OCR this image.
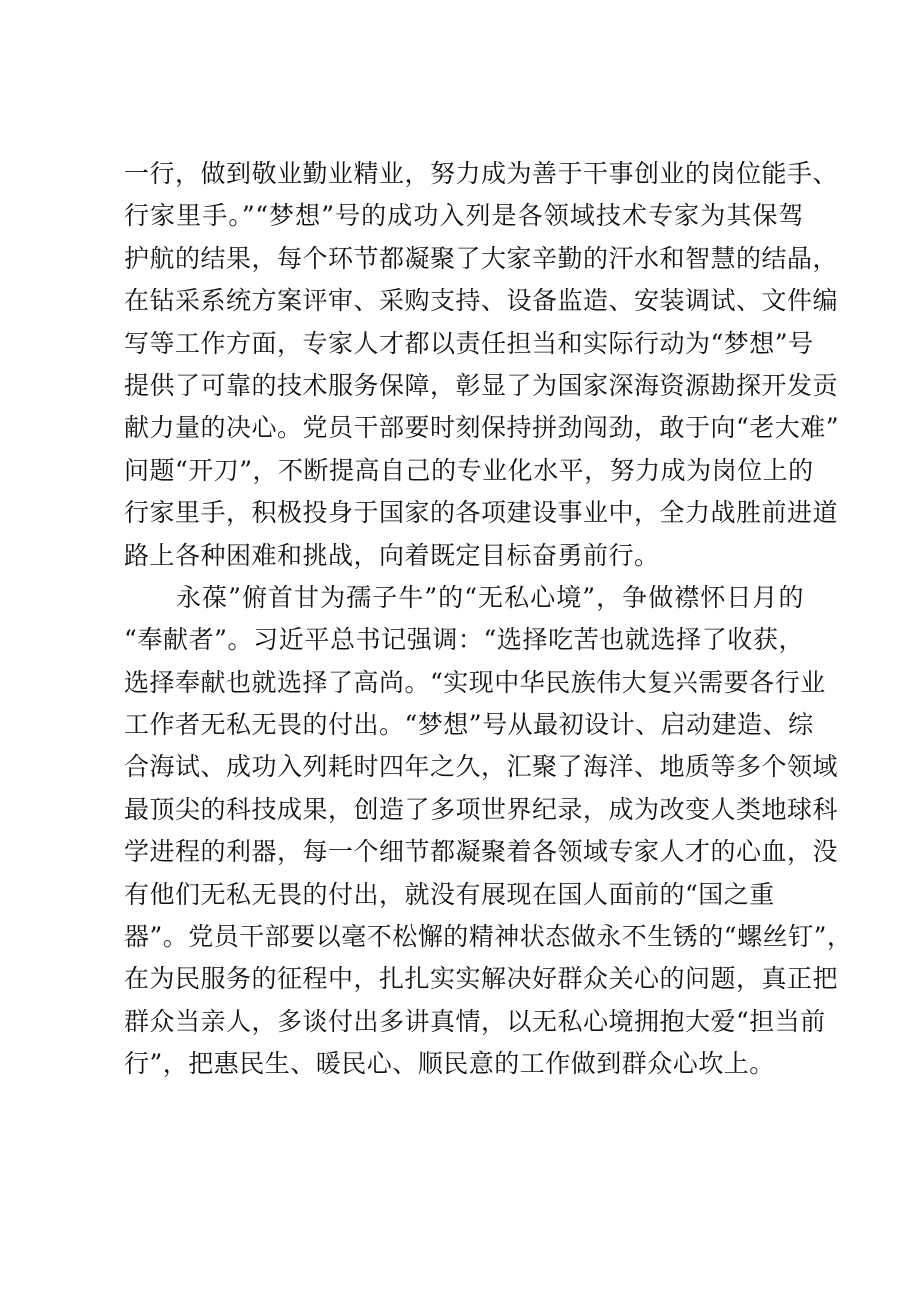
一行，做到敬业勤业精业，努力成为善于干事创业的岗位能手、
行家里手。”“梦想”号的成功入列是各领域技术专家为其保驾
护航的结果，每个环节都凝聚了大家辛勤的汗水和智慧的结晶，
在钻采系统方案评审、采购支持、设备监造、安装调试、文件编
写等工作方面，专家人才都以责任担当和实际行动为“梦想”号
提供了可靠的技术服务保障，彰显了为国家深海资源勘探开发贡
献力量的决心。党员干部要时刻保持拼劲闯劲，敢于向“老大难”
问题“开刀”，不断提高自己的专业化水平，努力成为岗位上的
行家里手，积极投身于国家的各项建设事业中，全力战胜前进道
路上各种困难和挑战，向着既定目标奋勇前行。
永葆”俯首甘为孺子牛”的“无私心境”，争做襟怀日月的
“奉献者”。习近平总书记强调：“选择吃苦也就选择了收获，
选择奉献也就选择了高尚。“实现中华民族伟大复兴需要各行业
工作者无私无畏的付出。“梦想”号从最初设计、启动建造、综
合海试、成功入列耗时四年之久，汇聚了海洋、地质等多个领域
最顶尖的科技成果，创造了多项世界纪录，成为改变人类地球科
学进程的利器，每一个细节都凝聚着各领域专家人才的心血，没
有他们无私无畏的付出，就没有展现在国人面前的“国之重
器”。党员干部要以毫不松懈的精神状态做永不生锈的“螺丝钉”，
在为民服务的征程中，扎扎实实解决好群众关心的问题，真正把
群众当亲人，多谈付出多讲真情，以无私心境拥抱大爱“担当前
行”，把惠民生、暖民心、顺民意的工作做到群众心坎上。
